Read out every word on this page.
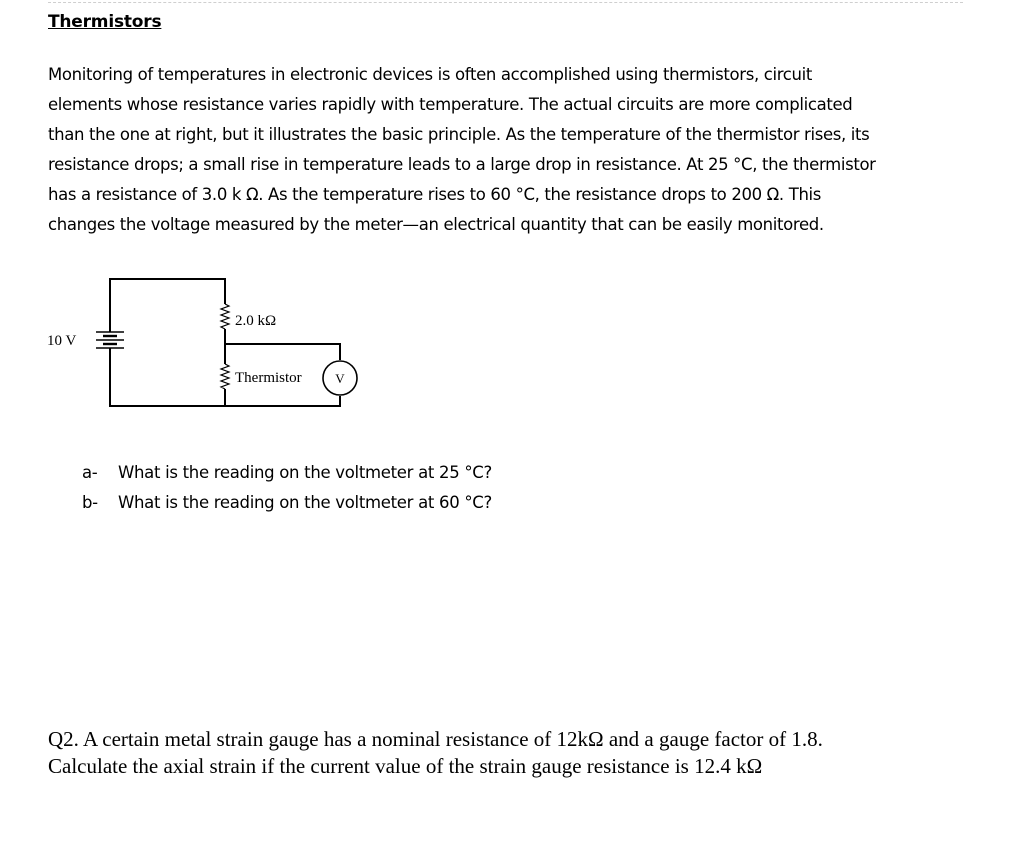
Thermistors
Monitoring of temperatures in electronic devices is often accomplished using thermistors, circuit
elements whose resistance varies rapidly with temperature. The actual circuits are more complicated
than the one at right, but it illustrates the basic principle. As the temperature of the thermistor rises, its
resistance drops; a small rise in temperature leads to a large drop in resistance. At 25 °C, the thermistor
has a resistance of 3.0 k Ω. As the temperature rises to 60 °C, the resistance drops to 200 Ω. This
changes the voltage measured by the meter—an electrical quantity that can be easily monitored.
10 V
2.0 kΩ
Thermistor	V
a- What is the reading on the voltmeter at 25 °C?
b- What is the reading on the voltmeter at 60 °C?
Q2. A certain metal strain gauge has a nominal resistance of 12kΩ and a gauge factor of 1.8.
Calculate the axial strain if the current value of the strain gauge resistance is 12.4 kΩ
